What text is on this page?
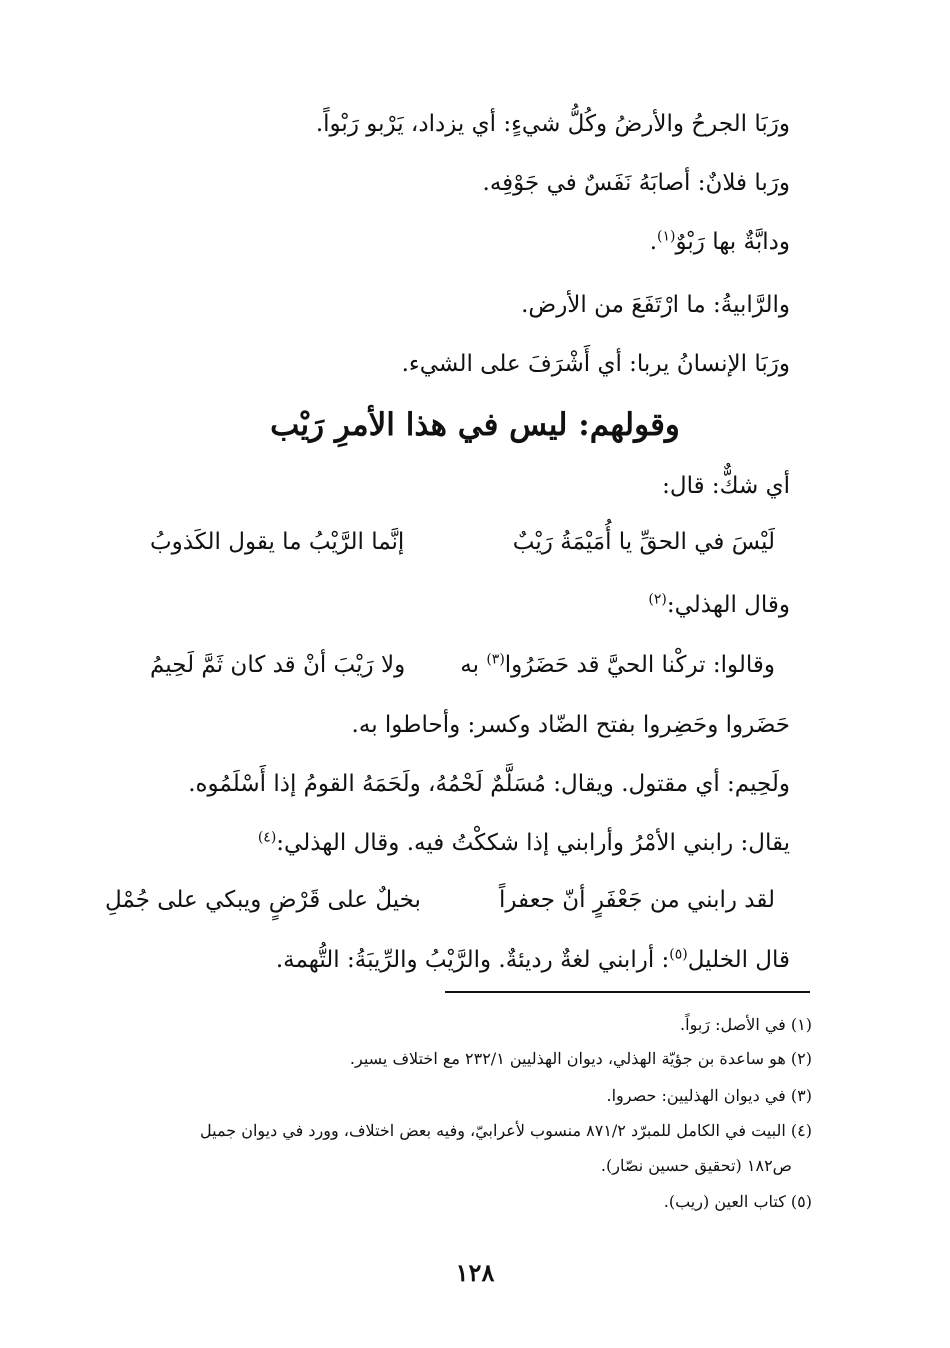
ورَبَا الجرحُ والأرضُ وكُلُّ شيءٍ: أي يزداد، يَرْبو رَبْواً.
ورَبا فلانٌ: أصابَهُ نَفَسٌ في جَوْفِه.
ودابَّةٌ بها رَبْوٌ$^{(١)}$.
والرَّابيةُ: ما ارْتَفَعَ من الأرض.
ورَبَا الإنسانُ يربا: أي أَشْرَفَ على الشيء.
وقولهم: ليس في هذا الأمرِ رَيْب
أي شكٌّ: قال:
لَيْسَ في الحقِّ يا أُمَيْمَةُ رَيْبٌ
إنَّما الرَّيْبُ ما يقول الكَذوبُ
وقال الهذلي:$^{(٢)}$
وقالوا: تركْنا الحيَّ قد حَضَرُوا$^{(٣)}$ به
ولا رَيْبَ أنْ قد كان ثَمَّ لَحِيمُ
حَضَروا وحَضِروا بفتح الضّاد وكسر: وأحاطوا به.
ولَحِيم: أي مقتول. ويقال: مُسَلَّمٌ لَحْمُهُ، ولَحَمَهُ القومُ إذا أَسْلَمُوه.
يقال: رابني الأمْرُ وأرابني إذا شككْتُ فيه. وقال الهذلي:$^{(٤)}$
لقد رابني من جَعْفَرٍ أنّ جعفراً
بخيلٌ على قَرْضٍ ويبكي على جُمْلِ
قال الخليل$^{(٥)}$: أرابني لغةٌ رديئةٌ. والرَّيْبُ والرِّيبَةُ: التُّهمة.
(١) في الأصل: رَبواً.
(٢) هو ساعدة بن جؤيّة الهذلي، ديوان الهذليين ٢٣٢/١ مع اختلاف يسير.
(٣) في ديوان الهذليين: حصروا.
(٤) البيت في الكامل للمبرّد ٨٧١/٢ منسوب لأعرابيّ، وفيه بعض اختلاف، وورد في ديوان جميل
ص١٨٢ (تحقيق حسين نصّار).
(٥) كتاب العين (ريب).
١٢٨
